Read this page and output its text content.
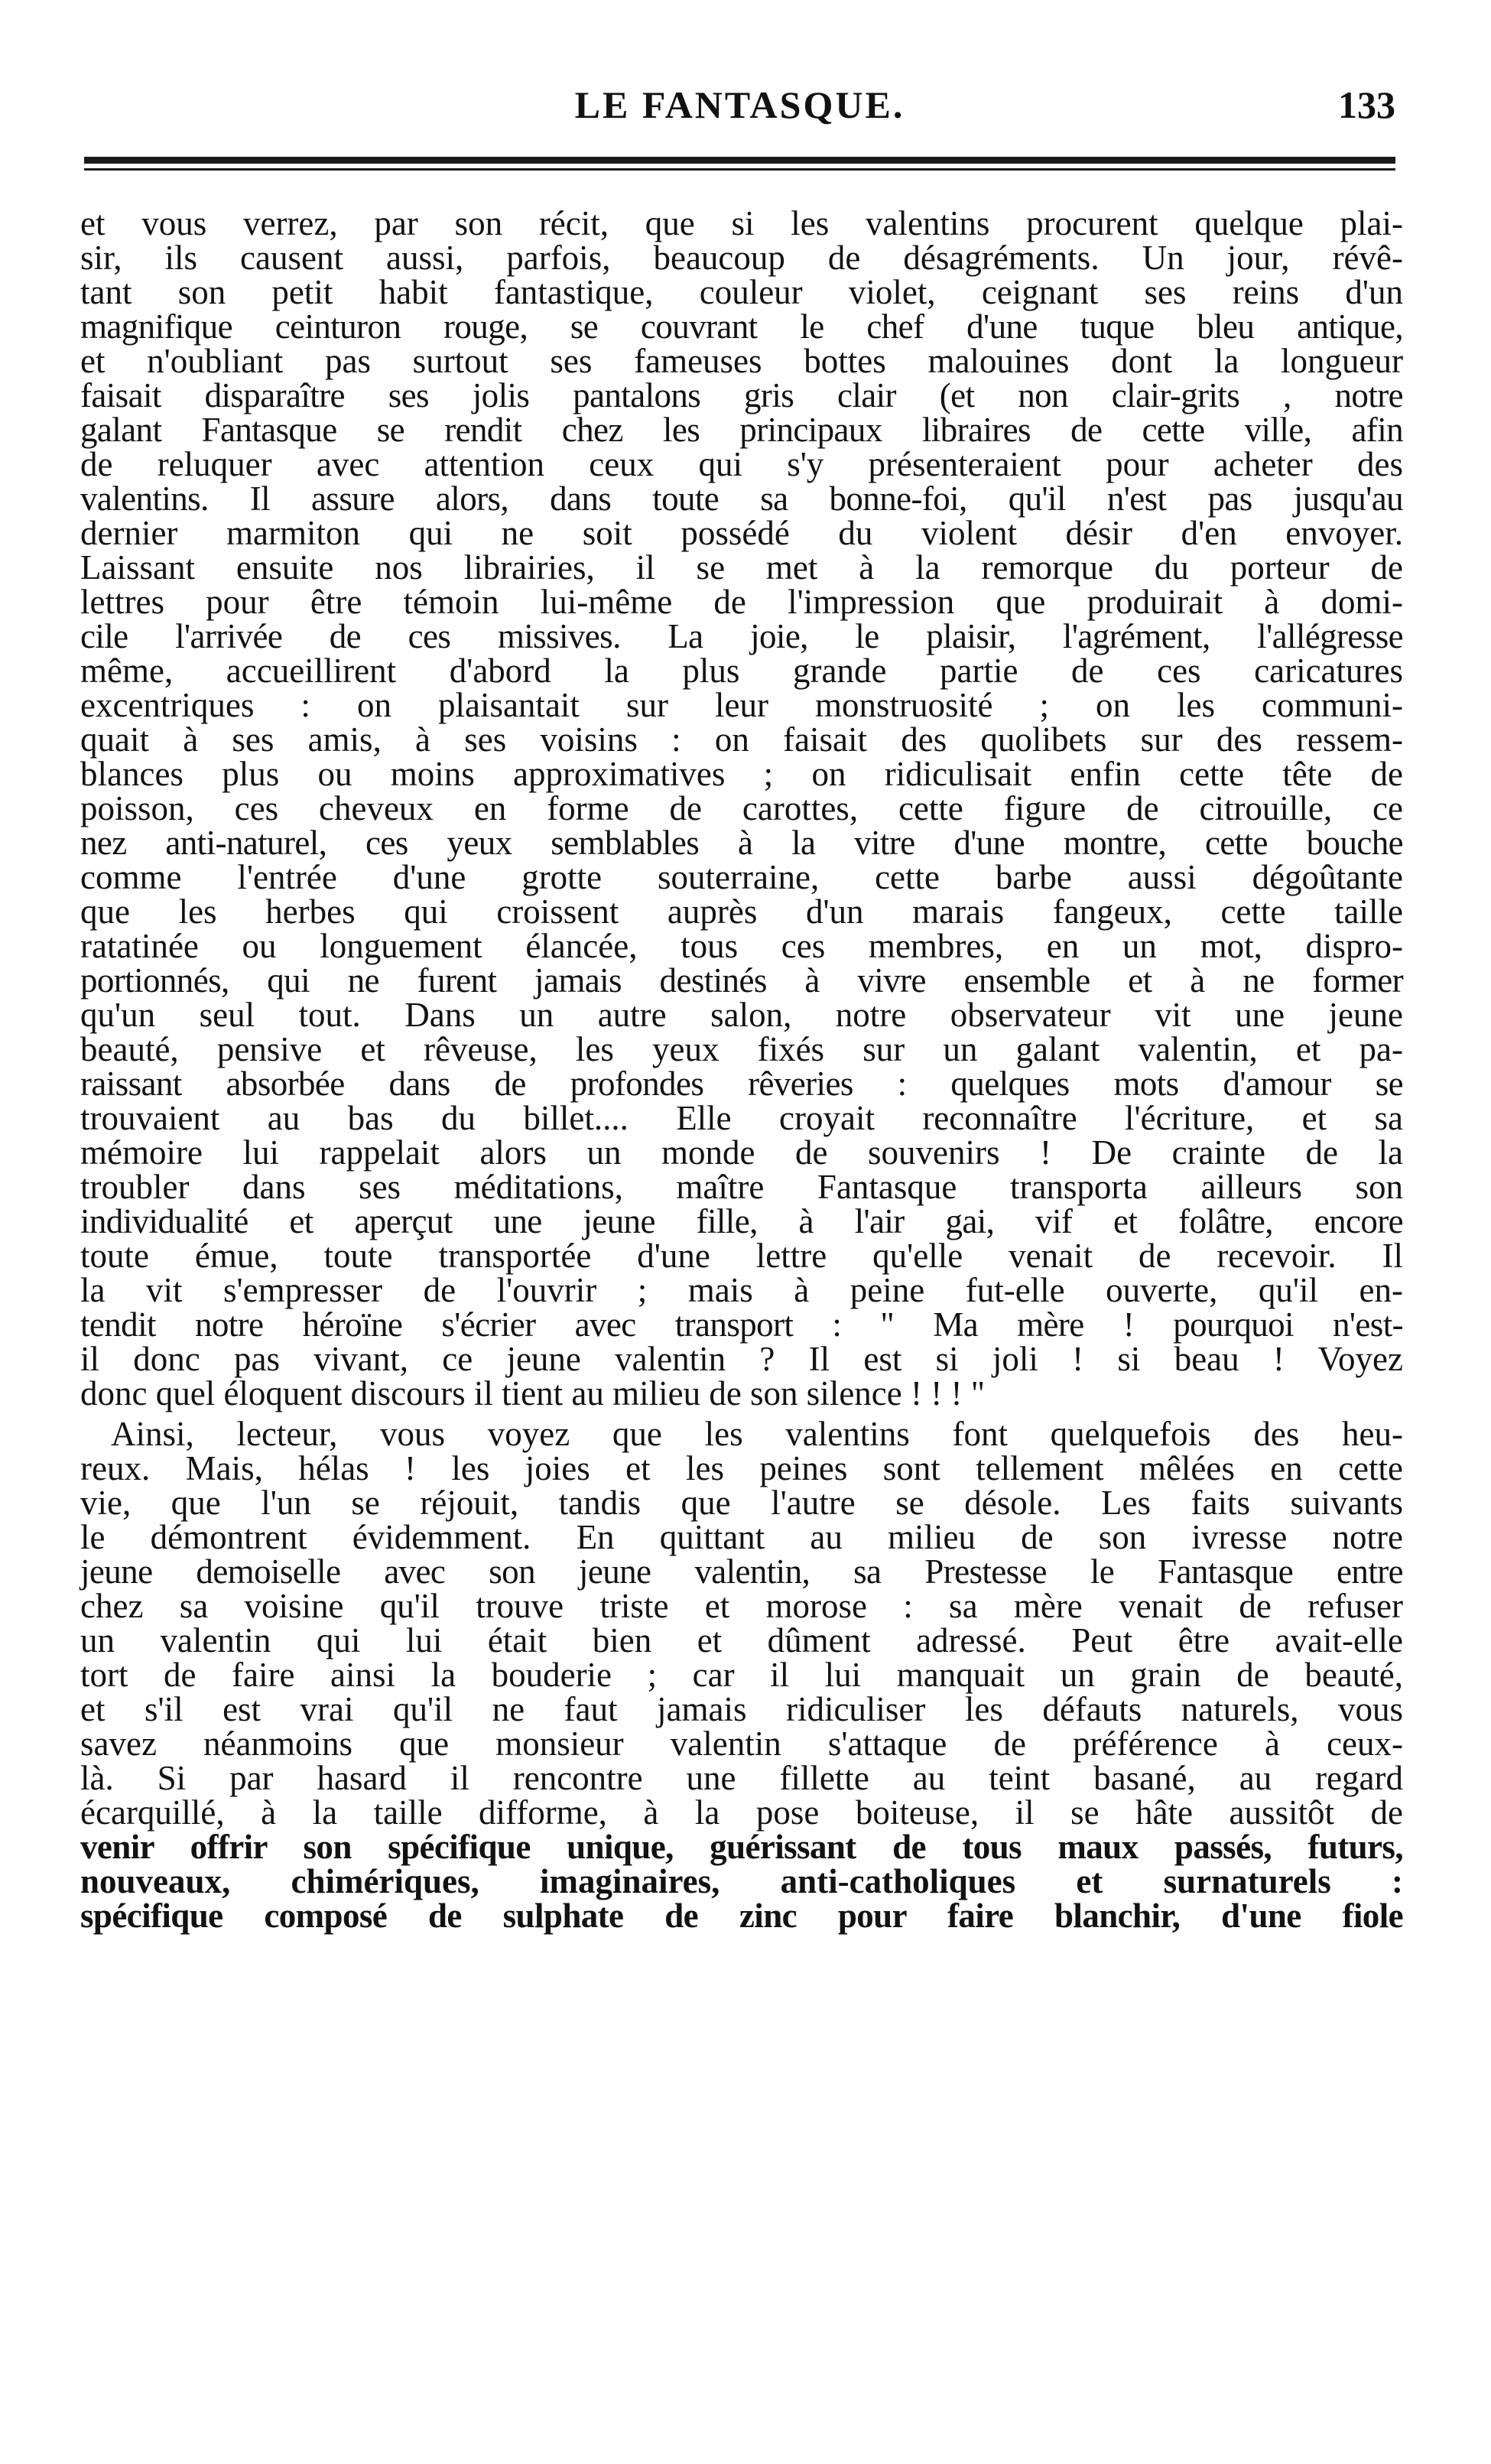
LE FANTASQUE.	133
et vous verrez, par son récit, que si les valentins procurent quelque plai-
sir, ils causent aussi, parfois, beaucoup de désagréments. Un jour, révê-
tant son petit habit fantastique, couleur violet, ceignant ses reins d'un
magnifique ceinturon rouge, se couvrant le chef d'une tuque bleu antique,
et n'oubliant pas surtout ses fameuses bottes malouines dont la longueur
faisait disparaître ses jolis pantalons gris clair (et non clair-grits , notre
galant Fantasque se rendit chez les principaux libraires de cette ville, afin
de reluquer avec attention ceux qui s'y présenteraient pour acheter des
valentins. Il assure alors, dans toute sa bonne-foi, qu'il n'est pas jusqu'au
dernier marmiton qui ne soit possédé du violent désir d'en envoyer.
Laissant ensuite nos librairies, il se met à la remorque du porteur de
lettres pour être témoin lui-même de l'impression que produirait à domi-
cile l'arrivée de ces missives. La joie, le plaisir, l'agrément, l'allégresse
même, accueillirent d'abord la plus grande partie de ces caricatures
excentriques : on plaisantait sur leur monstruosité ; on les communi-
quait à ses amis, à ses voisins : on faisait des quolibets sur des ressem-
blances plus ou moins approximatives ; on ridiculisait enfin cette tête de
poisson, ces cheveux en forme de carottes, cette figure de citrouille, ce
nez anti-naturel, ces yeux semblables à la vitre d'une montre, cette bouche
comme l'entrée d'une grotte souterraine, cette barbe aussi dégoûtante
que les herbes qui croissent auprès d'un marais fangeux, cette taille
ratatinée ou longuement élancée, tous ces membres, en un mot, dispro-
portionnés, qui ne furent jamais destinés à vivre ensemble et à ne former
qu'un seul tout. Dans un autre salon, notre observateur vit une jeune
beauté, pensive et rêveuse, les yeux fixés sur un galant valentin, et pa-
raissant absorbée dans de profondes rêveries : quelques mots d'amour se
trouvaient au bas du billet.... Elle croyait reconnaître l'écriture, et sa
mémoire lui rappelait alors un monde de souvenirs ! De crainte de la
troubler dans ses méditations, maître Fantasque transporta ailleurs son
individualité et aperçut une jeune fille, à l'air gai, vif et folâtre, encore
toute émue, toute transportée d'une lettre qu'elle venait de recevoir. Il
la vit s'empresser de l'ouvrir ; mais à peine fut-elle ouverte, qu'il en-
tendit notre héroïne s'écrier avec transport : " Ma mère ! pourquoi n'est-
il donc pas vivant, ce jeune valentin ? Il est si joli ! si beau ! Voyez
donc quel éloquent discours il tient au milieu de son silence ! ! ! "
Ainsi, lecteur, vous voyez que les valentins font quelquefois des heu-
reux. Mais, hélas ! les joies et les peines sont tellement mêlées en cette
vie, que l'un se réjouit, tandis que l'autre se désole. Les faits suivants
le démontrent évidemment. En quittant au milieu de son ivresse notre
jeune demoiselle avec son jeune valentin, sa Prestesse le Fantasque entre
chez sa voisine qu'il trouve triste et morose : sa mère venait de refuser
un valentin qui lui était bien et dûment adressé. Peut être avait-elle
tort de faire ainsi la bouderie ; car il lui manquait un grain de beauté,
et s'il est vrai qu'il ne faut jamais ridiculiser les défauts naturels, vous
savez néanmoins que monsieur valentin s'attaque de préférence à ceux-
là. Si par hasard il rencontre une fillette au teint basané, au regard
écarquillé, à la taille difforme, à la pose boiteuse, il se hâte aussitôt de
venir offrir son spécifique unique, guérissant de tous maux passés, futurs,
nouveaux, chimériques, imaginaires, anti-catholiques et surnaturels :
spécifique composé de sulphate de zinc pour faire blanchir, d'une fiole
